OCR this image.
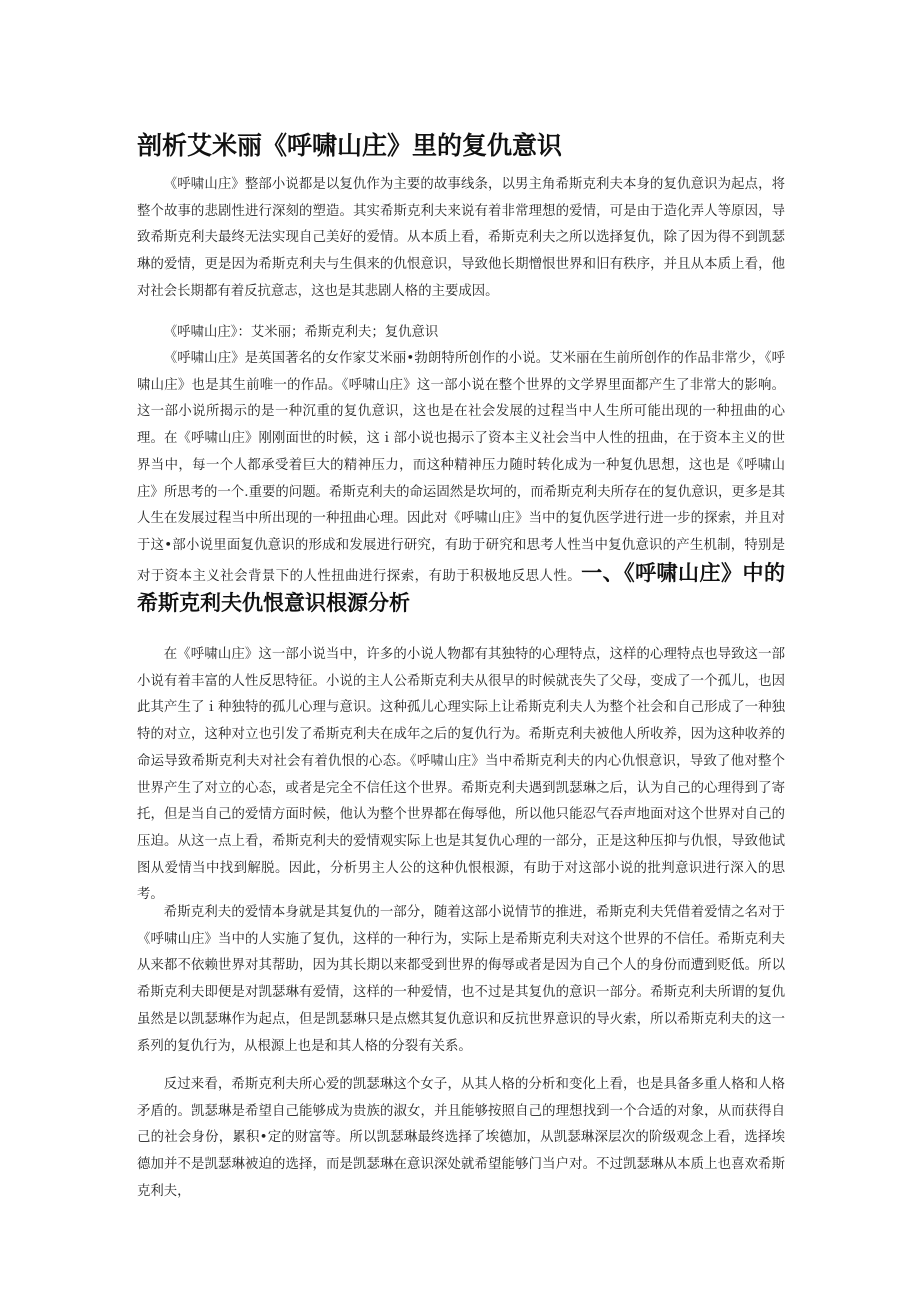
剖析艾米丽《呼啸山庄》里的复仇意识

《呼啸山庄》整部小说都是以复仇作为主要的故事线条，以男主角希斯克利夫本身的复仇意识为起点，将整个故事的悲剧性进行深刻的塑造。其实希斯克利夫来说有着非常理想的爱情，可是由于造化弄人等原因，导致希斯克利夫最终无法实现自己美好的爱情。从本质上看，希斯克利夫之所以选择复仇，除了因为得不到凯瑟琳的爱情，更是因为希斯克利夫与生俱来的仇恨意识，导致他长期憎恨世界和旧有秩序，并且从本质上看，他对社会长期都有着反抗意志，这也是其悲剧人格的主要成因。

《呼啸山庄》：艾米丽；希斯克利夫；复仇意识

《呼啸山庄》是英国著名的女作家艾米丽•勃朗特所创作的小说。艾米丽在生前所创作的作品非常少，《呼啸山庄》也是其生前唯一的作品。《呼啸山庄》这一部小说在整个世界的文学界里面都产生了非常大的影响。这一部小说所揭示的是一种沉重的复仇意识，这也是在社会发展的过程当中人生所可能出现的一种扭曲的心理。在《呼啸山庄》刚刚面世的时候，这ｉ部小说也揭示了资本主义社会当中人性的扭曲，在于资本主义的世界当中，每一个人都承受着巨大的精神压力，而这种精神压力随时转化成为一种复仇思想，这也是《呼啸山庄》所思考的一个.重要的问题。希斯克利夫的命运固然是坎坷的，而希斯克利夫所存在的复仇意识，更多是其人生在发展过程当中所出现的一种扭曲心理。因此对《呼啸山庄》当中的复仇医学进行进一步的探索，并且对于这•部小说里面复仇意识的形成和发展进行研究，有助于研究和思考人性当中复仇意识的产生机制，特别是对于资本主义社会背景下的人性扭曲进行探索，有助于积极地反思人性。一、《呼啸山庄》中的希斯克利夫仇恨意识根源分析

在《呼啸山庄》这一部小说当中，许多的小说人物都有其独特的心理特点，这样的心理特点也导致这一部小说有着丰富的人性反思特征。小说的主人公希斯克利夫从很早的时候就丧失了父母，变成了一个孤儿，也因此其产生了ｉ种独特的孤儿心理与意识。这种孤儿心理实际上让希斯克利夫人为整个社会和自己形成了一种独特的对立，这种对立也引发了希斯克利夫在成年之后的复仇行为。希斯克利夫被他人所收养，因为这种收养的命运导致希斯克利夫对社会有着仇恨的心态。《呼啸山庄》当中希斯克利夫的内心仇恨意识，导致了他对整个世界产生了对立的心态，或者是完全不信任这个世界。希斯克利夫遇到凯瑟琳之后，认为自己的心理得到了寄托，但是当自己的爱情方面时候，他认为整个世界都在侮辱他，所以他只能忍气吞声地面对这个世界对自己的压迫。从这一点上看，希斯克利夫的爱情观实际上也是其复仇心理的一部分，正是这种压抑与仇恨，导致他试图从爱情当中找到解脱。因此，分析男主人公的这种仇恨根源，有助于对这部小说的批判意识进行深入的思考。

希斯克利夫的爱情本身就是其复仇的一部分，随着这部小说情节的推进，希斯克利夫凭借着爱情之名对于《呼啸山庄》当中的人实施了复仇，这样的一种行为，实际上是希斯克利夫对这个世界的不信任。希斯克利夫从来都不依赖世界对其帮助，因为其长期以来都受到世界的侮辱或者是因为自己个人的身份而遭到贬低。所以希斯克利夫即便是对凯瑟琳有爱情，这样的一种爱情，也不过是其复仇的意识一部分。希斯克利夫所谓的复仇虽然是以凯瑟琳作为起点，但是凯瑟琳只是点燃其复仇意识和反抗世界意识的导火索，所以希斯克利夫的这一系列的复仇行为，从根源上也是和其人格的分裂有关系。

反过来看，希斯克利夫所心爱的凯瑟琳这个女子，从其人格的分析和变化上看，也是具备多重人格和人格矛盾的。凯瑟琳是希望自己能够成为贵族的淑女，并且能够按照自己的理想找到一个合适的对象，从而获得自己的社会身份，累积•定的财富等。所以凯瑟琳最终选择了埃德加，从凯瑟琳深层次的阶级观念上看，选择埃德加并不是凯瑟琳被迫的选择，而是凯瑟琳在意识深处就希望能够门当户对。不过凯瑟琳从本质上也喜欢希斯克利夫，
